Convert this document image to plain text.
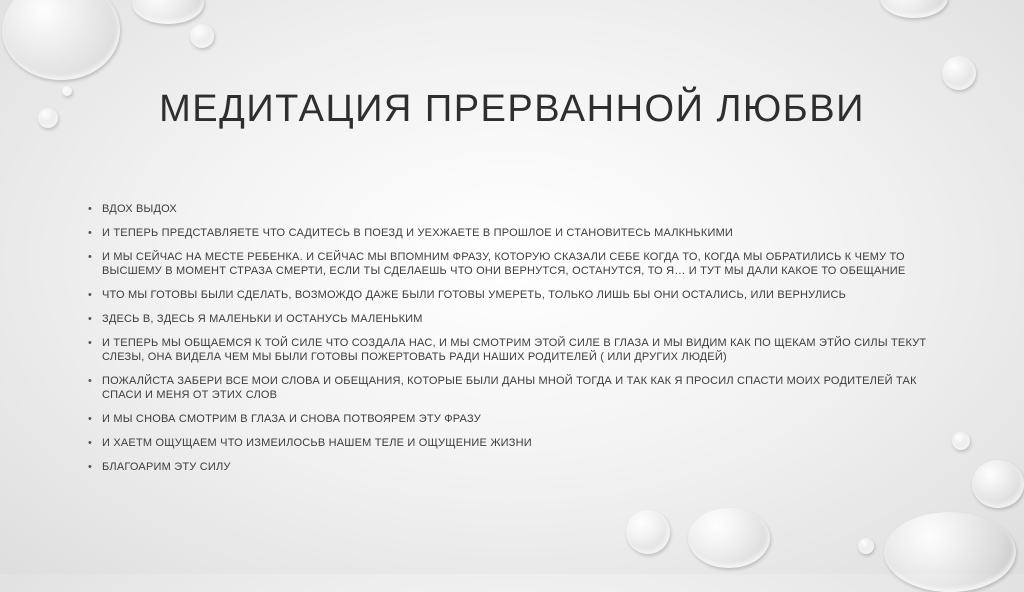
МЕДИТАЦИЯ ПРЕРВАННОЙ ЛЮБВИ
• ВДОХ ВЫДОХ
• И ТЕПЕРЬ ПРЕДСТАВЛЯЕТЕ ЧТО САДИТЕСЬ В ПОЕЗД И УЕХЖАЕТЕ В ПРОШЛОЕ И СТАНОВИТЕСЬ МАЛКНЬКИМИ
• И МЫ СЕЙЧАС НА МЕСТЕ РЕБЕНКА. И СЕЙЧАС МЫ ВПОМНИМ ФРАЗУ, КОТОРУЮ СКАЗАЛИ СЕБЕ КОГДА ТО, КОГДА МЫ ОБРАТИЛИСЬ К ЧЕМУ ТО ВЫСШЕМУ В МОМЕНТ СТРАЗА СМЕРТИ, ЕСЛИ ТЫ СДЕЛАЕШЬ ЧТО ОНИ ВЕРНУТСЯ, ОСТАНУТСЯ, ТО Я… И ТУТ МЫ ДАЛИ КАКОЕ ТО ОБЕЩАНИЕ
• ЧТО МЫ ГОТОВЫ БЫЛИ СДЕЛАТЬ, ВОЗМОЖДО ДАЖЕ БЫЛИ ГОТОВЫ УМЕРЕТЬ, ТОЛЬКО ЛИШЬ БЫ ОНИ ОСТАЛИСЬ, ИЛИ ВЕРНУЛИСЬ
• ЗДЕСЬ В, ЗДЕСЬ Я МАЛЕНЬКИ И ОСТАНУСЬ МАЛЕНЬКИМ
• И ТЕПЕРЬ МЫ ОБЩАЕМСЯ К ТОЙ СИЛЕ ЧТО СОЗДАЛА НАС, И МЫ СМОТРИМ ЭТОЙ СИЛЕ В ГЛАЗА И МЫ ВИДИМ КАК ПО ЩЕКАМ ЭТЙО СИЛЫ ТЕКУТ СЛЕЗЫ, ОНА ВИДЕЛА ЧЕМ МЫ БЫЛИ ГОТОВЫ ПОЖЕРТОВАТЬ РАДИ НАШИХ РОДИТЕЛЕЙ ( ИЛИ ДРУГИХ ЛЮДЕЙ)
• ПОЖАЛЙСТА ЗАБЕРИ ВСЕ МОИ СЛОВА И ОБЕЩАНИЯ, КОТОРЫЕ БЫЛИ ДАНЫ МНОЙ ТОГДА И ТАК КАК Я ПРОСИЛ СПАСТИ МОИХ РОДИТЕЛЕЙ ТАК СПАСИ И МЕНЯ ОТ ЭТИХ СЛОВ
• И МЫ СНОВА СМОТРИМ В ГЛАЗА И СНОВА ПОТВОЯРЕМ ЭТУ ФРАЗУ
• И ХАЕТМ ОЩУЩАЕМ ЧТО ИЗМЕИЛОСЬВ НАШЕМ ТЕЛЕ И ОЩУЩЕНИЕ ЖИЗНИ
• БЛАГОАРИМ ЭТУ СИЛУ
